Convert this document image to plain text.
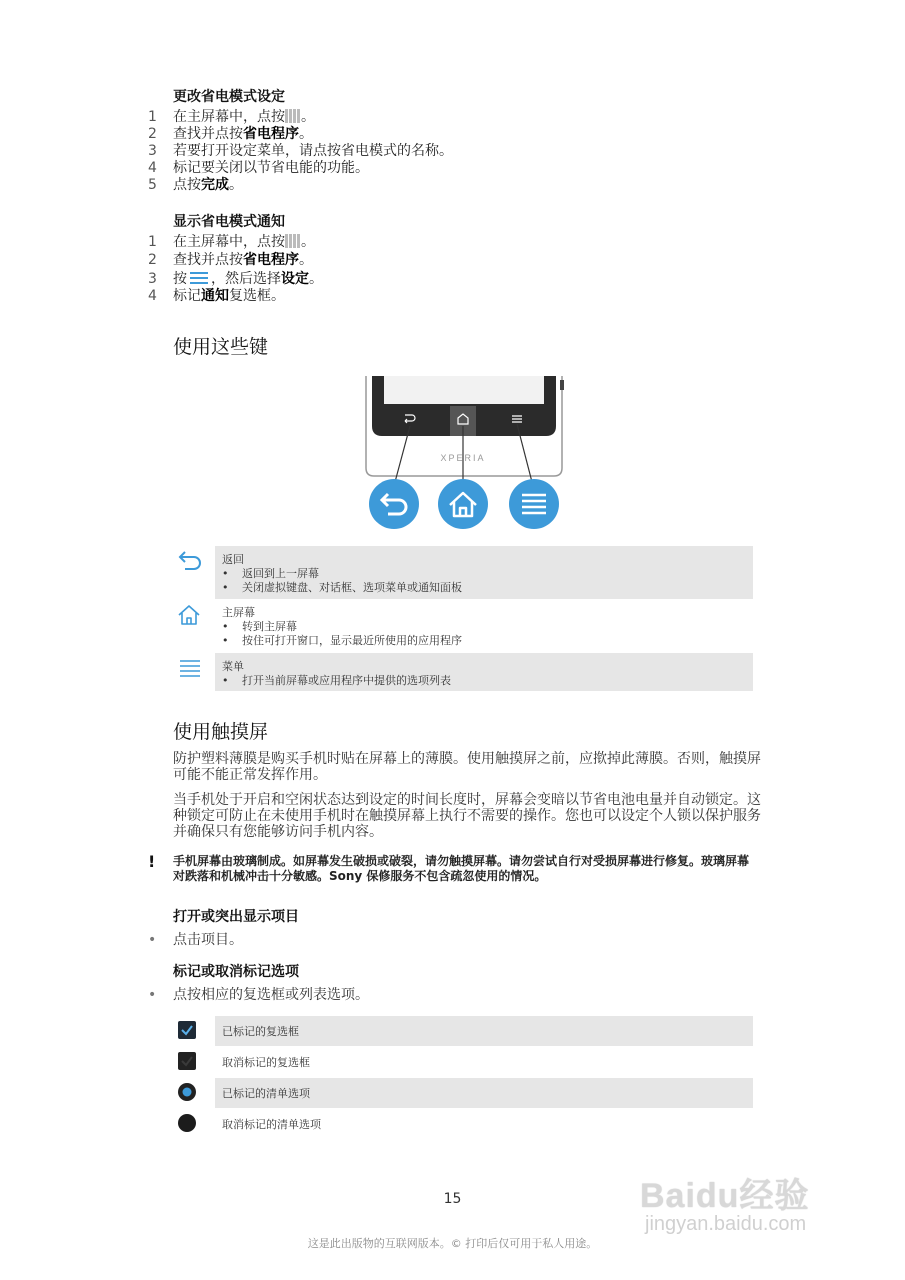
更改省电模式设定
1 在主屏幕中，点按 。
2 查找并点按省电程序。
3 若要打开设定菜单，请点按省电模式的名称。
4 标记要关闭以节省电能的功能。
5 点按完成。
显示省电模式通知
1 在主屏幕中，点按 。
2 查找并点按省电程序。
3 按 ，然后选择设定。
4 标记通知复选框。
使用这些键
XPERIA
返回
• 返回到上一屏幕
• 关闭虚拟键盘、对话框、选项菜单或通知面板
主屏幕
• 转到主屏幕
• 按住可打开窗口，显示最近所使用的应用程序
菜单
• 打开当前屏幕或应用程序中提供的选项列表
使用触摸屏
防护塑料薄膜是购买手机时贴在屏幕上的薄膜。使用触摸屏之前，应揿掉此薄膜。否则，触摸屏可能不能正常发挥作用。
当手机处于开启和空闲状态达到设定的时间长度时，屏幕会变暗以节省电池电量并自动锁定。这种锁定可防止在未使用手机时在触摸屏幕上执行不需要的操作。您也可以设定个人锁以保护服务并确保只有您能够访问手机内容。
! 手机屏幕由玻璃制成。如屏幕发生破损或破裂，请勿触摸屏幕。请勿尝试自行对受损屏幕进行修复。玻璃屏幕对跌落和机械冲击十分敏感。Sony 保修服务不包含疏忽使用的情况。
打开或突出显示项目
• 点击项目。
标记或取消标记选项
• 点按相应的复选框或列表选项。
已标记的复选框
取消标记的复选框
已标记的清单选项
取消标记的清单选项
15
这是此出版物的互联网版本。© 打印后仅可用于私人用途。
Baidu经验
jingyan.baidu.com
